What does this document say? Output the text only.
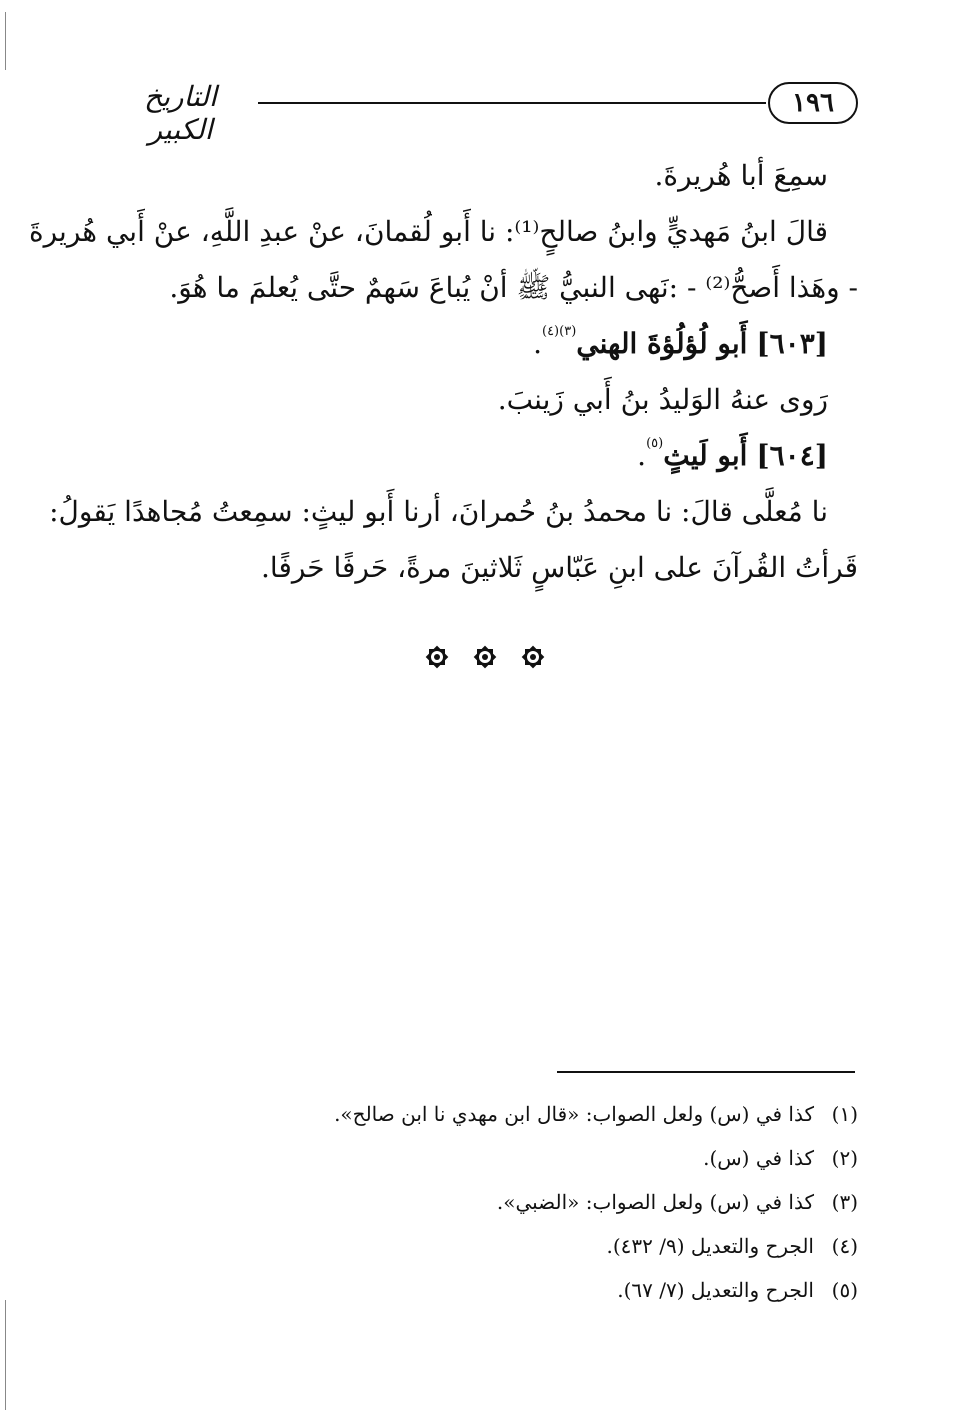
١٩٦
التاريخ الكبير
سمِعَ أبا هُريرةَ.
قالَ ابنُ مَهديٍّ وابنُ صالحٍ⁽¹⁾: نا أَبو لُقمانَ، عنْ عبدِ اللَّهِ، عنْ أَبي هُريرةَ
- وهَذا أَصحُّ⁽²⁾ - :نَهى النبيُّ ﷺ أنْ يُباعَ سَهمٌ حتَّى يُعلمَ ما هُوَ.
[٦٠٣] أَبو لُؤلُؤةَ الهني$^{(٣)(٤)}$.
رَوى عنهُ الوَليدُ بنُ أَبي زَينبَ.
[٦٠٤] أَبو لَيثٍ$^{(٥)}$.
نا مُعلَّى قالَ: نا محمدُ بنُ حُمرانَ، أرنا أَبو ليثٍ: سمِعتُ مُجاهدًا يَقولُ:
قَرأتُ القُرآنَ على ابنِ عَبّاسٍ ثَلاثينَ مرةً، حَرفًا حَرفًا.
(١)كذا في (س) ولعل الصواب: «قال ابن مهدي نا ابن صالح».
(٢)كذا في (س).
(٣)كذا في (س) ولعل الصواب: «الضبي».
(٤)الجرح والتعديل (٩/ ٤٣٢).
(٥)الجرح والتعديل (٧/ ٦٧).
